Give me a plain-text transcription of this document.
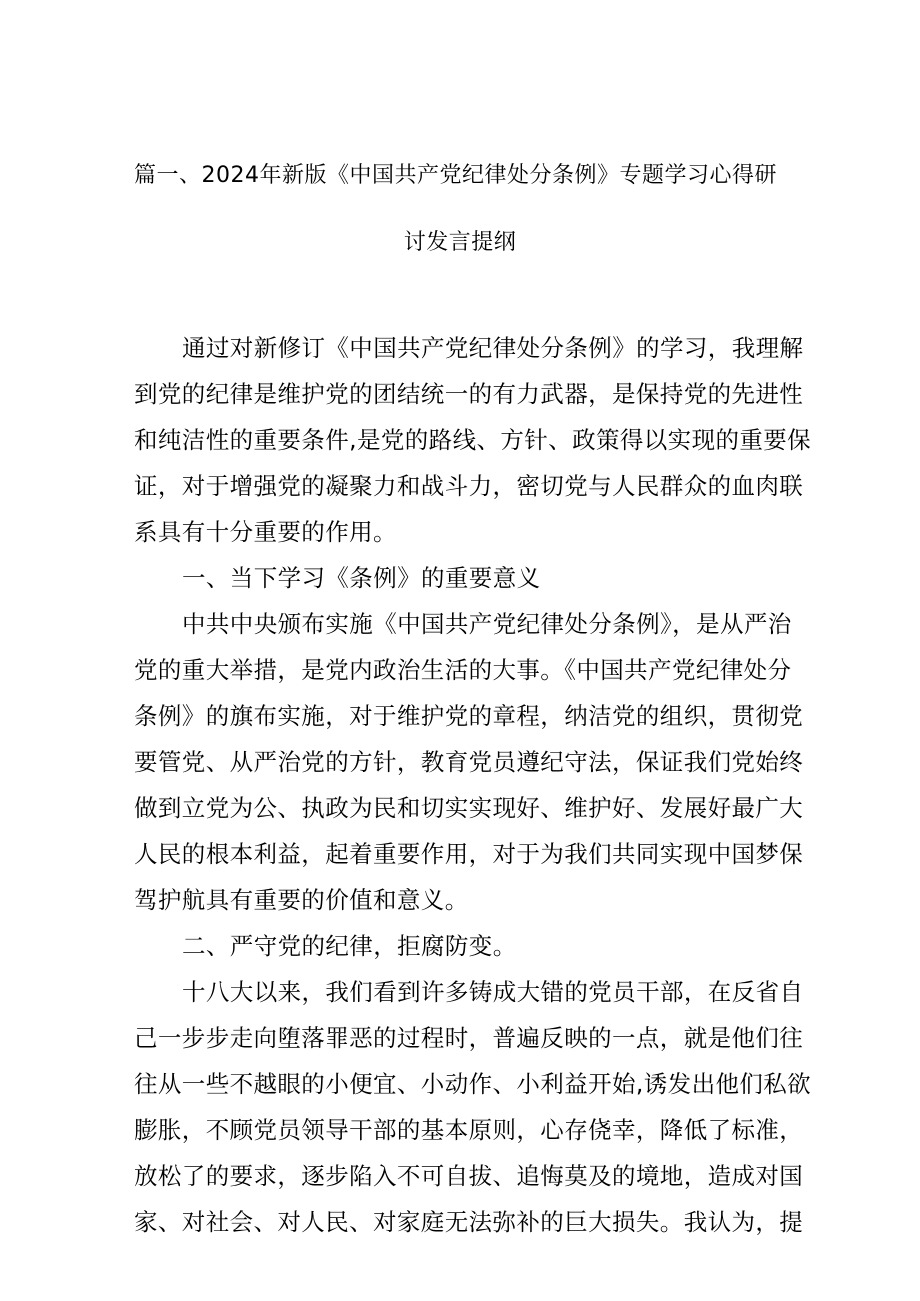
篇一、2024年新版《中国共产党纪律处分条例》专题学习心得研
讨发言提纲
通过对新修订《中国共产党纪律处分条例》的学习，我理解
到党的纪律是维护党的团结统一的有力武器，是保持党的先进性
和纯洁性的重要条件,是党的路线、方针、政策得以实现的重要保
证，对于增强党的凝聚力和战斗力，密切党与人民群众的血肉联
系具有十分重要的作用。
一、当下学习《条例》的重要意义
中共中央颁布实施《中国共产党纪律处分条例》，是从严治
党的重大举措，是党内政治生活的大事。《中国共产党纪律处分
条例》的旗布实施，对于维护党的章程，纳洁党的组织，贯彻党
要管党、从严治党的方针，教育党员遵纪守法，保证我们党始终
做到立党为公、执政为民和切实实现好、维护好、发展好最广大
人民的根本利益，起着重要作用，对于为我们共同实现中国梦保
驾护航具有重要的价值和意义。
二、严守党的纪律，拒腐防变。
十八大以来，我们看到许多铸成大错的党员干部，在反省自
己一步步走向堕落罪恶的过程时，普遍反映的一点，就是他们往
往从一些不越眼的小便宜、小动作、小利益开始,诱发出他们私欲
膨胀，不顾党员领导干部的基本原则，心存侥幸，降低了标准，
放松了的要求，逐步陷入不可自拔、追悔莫及的境地，造成对国
家、对社会、对人民、对家庭无法弥补的巨大损失。我认为，提
